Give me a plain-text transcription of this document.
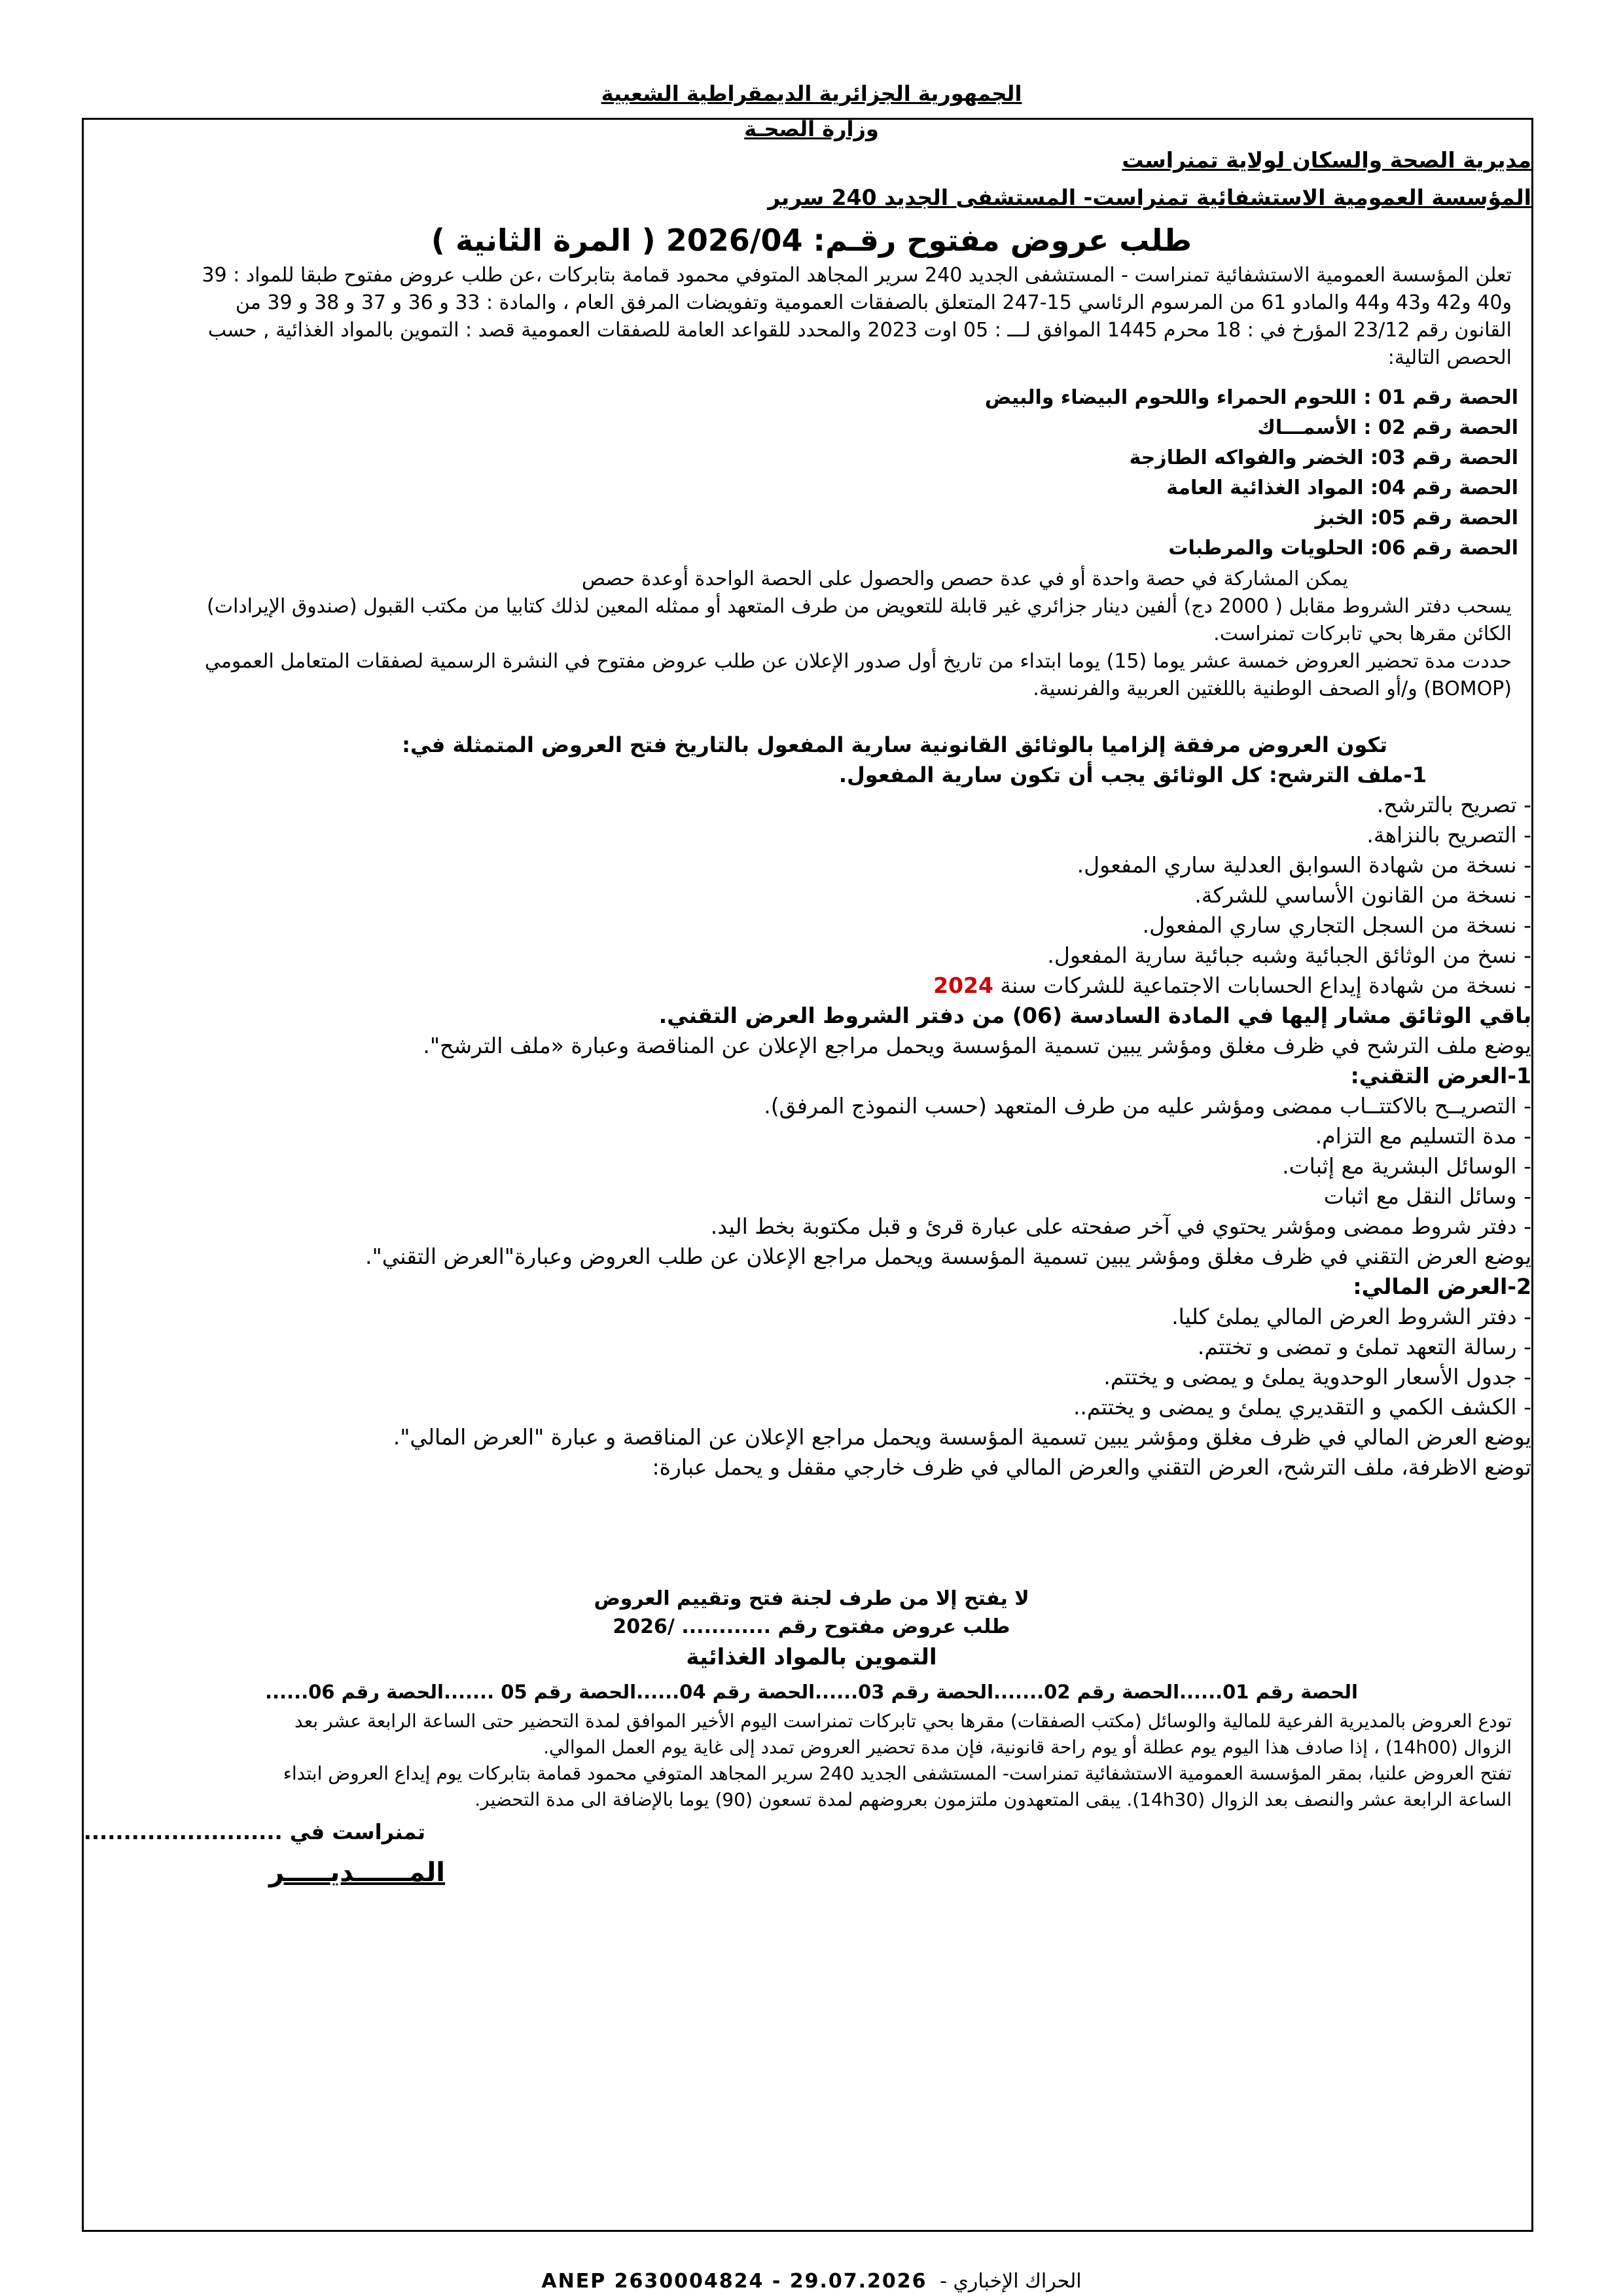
الجمهورية الجزائرية الديمقراطية الشعبية
وزارة الصحـة
مديرية الصحة والسكان لولاية تمنراست
المؤسسة العمومية الاستشفائية تمنراست- المستشفى الجديد 240 سرير
طلب عروض مفتوح رقـم: 2026/04 ( المرة الثانية )
تعلن المؤسسة العمومية الاستشفائية تمنراست - المستشفى الجديد 240 سرير المجاهد المتوفي محمود قمامة بتابركات ،عن طلب عروض مفتوح طبقا للمواد : 39
و40 و42 و43 و44 والمادو 61 من المرسوم الرئاسي 15-247 المتعلق بالصفقات العمومية وتفويضات المرفق العام ، والمادة : 33 و 36 و 37 و 38 و 39 من
القانون رقم 23/12 المؤرخ في : 18 محرم 1445 الموافق لـــ : 05 اوت 2023 والمحدد للقواعد العامة للصفقات العمومية قصد : التموين بالمواد الغذائية , حسب
الحصص التالية:
الحصة رقم 01 : اللحوم الحمراء واللحوم البيضاء والبيض
الحصة رقم 02 : الأسمـــاك
الحصة رقم 03: الخضر والفواكه الطازجة
الحصة رقم 04: المواد الغذائية العامة
الحصة رقم 05: الخبز
الحصة رقم 06: الحلويات والمرطبات
يمكن المشاركة في حصة واحدة أو في عدة حصص والحصول على الحصة الواحدة أوعدة حصص
يسحب دفتر الشروط مقابل ( 2000 دج) ألفين دينار جزائري غير قابلة للتعويض من طرف المتعهد أو ممثله المعين لذلك كتابيا من مكتب القبول (صندوق الإيرادات)
الكائن مقرها بحي تابركات تمنراست.
حددت مدة تحضير العروض خمسة عشر يوما (15) يوما ابتداء من تاريخ أول صدور الإعلان عن طلب عروض مفتوح في النشرة الرسمية لصفقات المتعامل العمومي
(BOMOP) و/أو الصحف الوطنية باللغتين العربية والفرنسية.
تكون العروض مرفقة إلزاميا بالوثائق القانونية سارية المفعول بالتاريخ فتح العروض المتمثلة في:
1-ملف الترشح: كل الوثائق يجب أن تكون سارية المفعول.
- تصريح بالترشح.
- التصريح بالنزاهة.
- نسخة من شهادة السوابق العدلية ساري المفعول.
- نسخة من القانون الأساسي للشركة.
- نسخة من السجل التجاري ساري المفعول.
- نسخ من الوثائق الجبائية وشبه جبائية سارية المفعول.
- نسخة من شهادة إيداع الحسابات الاجتماعية للشركات سنة 2024
باقي الوثائق مشار إليها في المادة السادسة (06) من دفتر الشروط العرض التقني.
يوضع ملف الترشح في ظرف مغلق ومؤشر يبين تسمية المؤسسة ويحمل مراجع الإعلان عن المناقصة وعبارة «ملف الترشح".
1-العرض التقني:
- التصريــح بالاكتتــاب ممضى ومؤشر عليه من طرف المتعهد (حسب النموذج المرفق).
- مدة التسليم مع التزام.
- الوسائل البشرية مع إثبات.
- وسائل النقل مع اثبات
- دفتر شروط ممضى ومؤشر يحتوي في آخر صفحته على عبارة قرئ و قبل مكتوبة بخط اليد.
يوضع العرض التقني في ظرف مغلق ومؤشر يبين تسمية المؤسسة ويحمل مراجع الإعلان عن طلب العروض وعبارة"العرض التقني".
2-العرض المالي:
- دفتر الشروط العرض المالي يملئ كليا.
- رسالة التعهد تملئ و تمضى و تختتم.
- جدول الأسعار الوحدوية يملئ و يمضى و يختتم.
- الكشف الكمي و التقديري يملئ و يمضى و يختتم..
يوضع العرض المالي في ظرف مغلق ومؤشر يبين تسمية المؤسسة ويحمل مراجع الإعلان عن المناقصة و عبارة "العرض المالي".
توضع الاظرفة، ملف الترشح، العرض التقني والعرض المالي في ظرف خارجي مقفل و يحمل عبارة:
لا يفتح إلا من طرف لجنة فتح وتقييم العروض
طلب عروض مفتوح رقم ............ /2026
التموين بالمواد الغذائية
الحصة رقم 01......الحصة رقم 02.......الحصة رقم 03......الحصة رقم 04......الحصة رقم 05 .......الحصة رقم 06......
تودع العروض بالمديرية الفرعية للمالية والوسائل (مكتب الصفقات) مقرها بحي تابركات تمنراست اليوم الأخير الموافق لمدة التحضير حتى الساعة الرابعة عشر بعد
الزوال (14h00) ، إذا صادف هذا اليوم يوم عطلة أو يوم راحة قانونية، فإن مدة تحضير العروض تمدد إلى غاية يوم العمل الموالي.
تفتح العروض علنيا، بمقر المؤسسة العمومية الاستشفائية تمنراست- المستشفى الجديد 240 سرير المجاهد المتوفي محمود قمامة بتابركات يوم إيداع العروض ابتداء
الساعة الرابعة عشر والنصف بعد الزوال (14h30). يبقى المتعهدون ملتزمون بعروضهم لمدة تسعون (90) يوما بالإضافة الى مدة التحضير.
تمنراست في .........................
المــــــديـــــر
ANEP 2630004824 - 29.07.2026 الحراك الإخباري -
